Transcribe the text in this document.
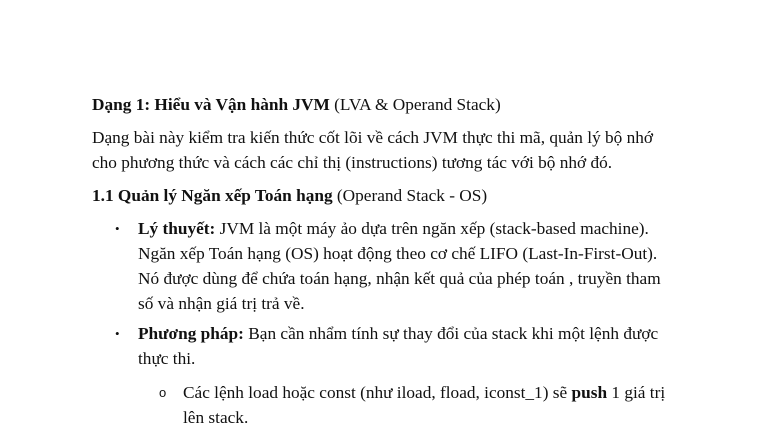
Dạng 1: Hiểu và Vận hành JVM (LVA & Operand Stack)
Dạng bài này kiểm tra kiến thức cốt lõi về cách JVM thực thi mã, quản lý bộ nhớ
cho phương thức và cách các chỉ thị (instructions) tương tác với bộ nhớ đó.
1.1 Quản lý Ngăn xếp Toán hạng (Operand Stack - OS)
• Lý thuyết: JVM là một máy ảo dựa trên ngăn xếp (stack-based machine).
Ngăn xếp Toán hạng (OS) hoạt động theo cơ chế LIFO (Last-In-First-Out).
Nó được dùng để chứa toán hạng, nhận kết quả của phép toán , truyền tham
số và nhận giá trị trả về.
• Phương pháp: Bạn cần nhẩm tính sự thay đổi của stack khi một lệnh được
thực thi.
o Các lệnh load hoặc const (như iload, fload, iconst_1) sẽ push 1 giá trị
lên stack.
